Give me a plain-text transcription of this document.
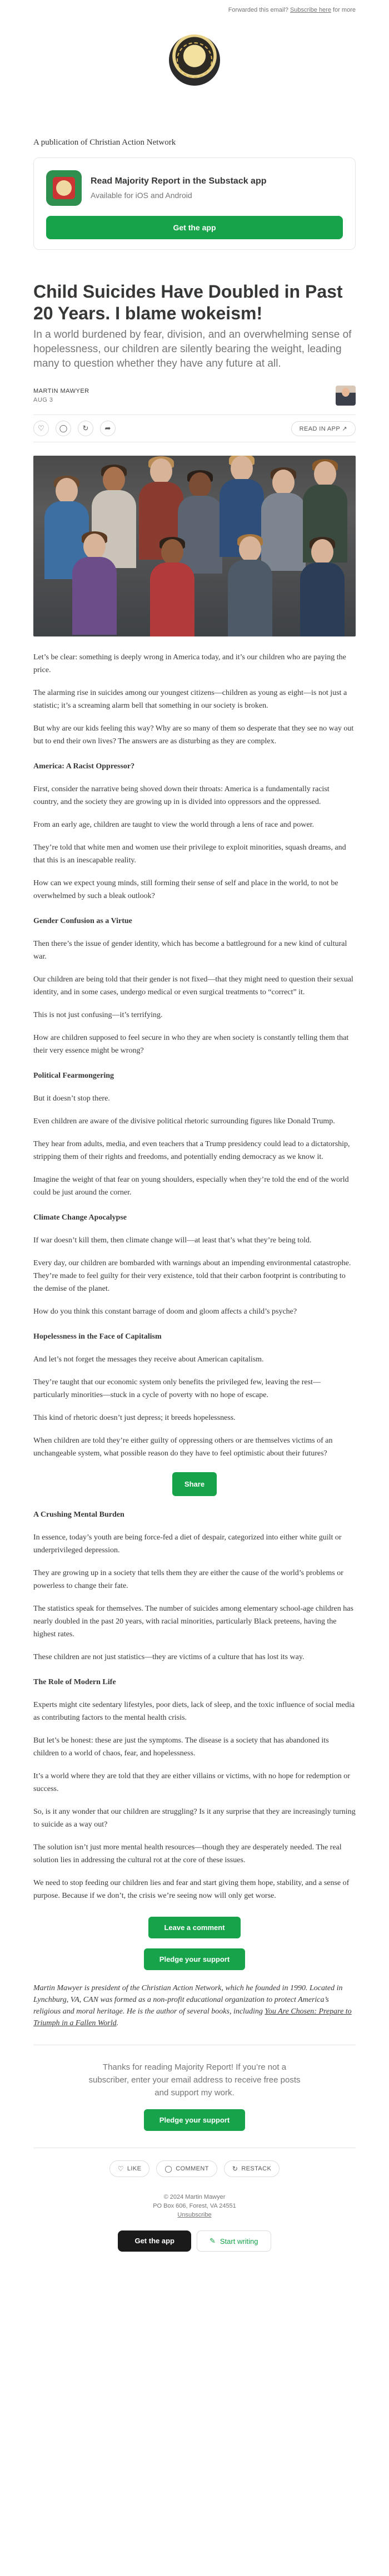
Forwarded this email? Subscribe here for more
A publication of Christian Action Network
Read Majority Report in the Substack app
Available for iOS and Android
Get the app
Child Suicides Have Doubled in Past 20 Years. I blame wokeism!
In a world burdened by fear, division, and an overwhelming sense of hopelessness, our children are silently bearing the weight, leading many to question whether they have any future at all.
MARTIN MAWYER
AUG 3
♡	◯	↻	➦	READ IN APP ↗

Let’s be clear: something is deeply wrong in America today, and it’s our children who are paying the price.

The alarming rise in suicides among our youngest citizens—children as young as eight—is not just a statistic; it’s a screaming alarm bell that something in our society is broken.

But why are our kids feeling this way? Why are so many of them so desperate that they see no way out but to end their own lives? The answers are as disturbing as they are complex.

America: A Racist Oppressor?

First, consider the narrative being shoved down their throats: America is a fundamentally racist country, and the society they are growing up in is divided into oppressors and the oppressed.

From an early age, children are taught to view the world through a lens of race and power.

They’re told that white men and women use their privilege to exploit minorities, squash dreams, and that this is an inescapable reality.

How can we expect young minds, still forming their sense of self and place in the world, to not be overwhelmed by such a bleak outlook?

Gender Confusion as a Virtue

Then there’s the issue of gender identity, which has become a battleground for a new kind of cultural war.

Our children are being told that their gender is not fixed—that they might need to question their sexual identity, and in some cases, undergo medical or even surgical treatments to “correct” it.

This is not just confusing—it’s terrifying.

How are children supposed to feel secure in who they are when society is constantly telling them that their very essence might be wrong?

Political Fearmongering

But it doesn’t stop there.

Even children are aware of the divisive political rhetoric surrounding figures like Donald Trump.

They hear from adults, media, and even teachers that a Trump presidency could lead to a dictatorship, stripping them of their rights and freedoms, and potentially ending democracy as we know it.

Imagine the weight of that fear on young shoulders, especially when they’re told the end of the world could be just around the corner.

Climate Change Apocalypse

If war doesn’t kill them, then climate change will—at least that’s what they’re being told.

Every day, our children are bombarded with warnings about an impending environmental catastrophe. They’re made to feel guilty for their very existence, told that their carbon footprint is contributing to the demise of the planet.

How do you think this constant barrage of doom and gloom affects a child’s psyche?

Hopelessness in the Face of Capitalism

And let’s not forget the messages they receive about American capitalism.

They’re taught that our economic system only benefits the privileged few, leaving the rest—particularly minorities—stuck in a cycle of poverty with no hope of escape.

This kind of rhetoric doesn’t just depress; it breeds hopelessness.

When children are told they’re either guilty of oppressing others or are themselves victims of an unchangeable system, what possible reason do they have to feel optimistic about their futures?

Share
A Crushing Mental Burden

In essence, today’s youth are being force-fed a diet of despair, categorized into either white guilt or underprivileged depression.

They are growing up in a society that tells them they are either the cause of the world’s problems or powerless to change their fate.

The statistics speak for themselves. The number of suicides among elementary school-age children has nearly doubled in the past 20 years, with racial minorities, particularly Black preteens, having the highest rates.

These children are not just statistics—they are victims of a culture that has lost its way.

The Role of Modern Life

Experts might cite sedentary lifestyles, poor diets, lack of sleep, and the toxic influence of social media as contributing factors to the mental health crisis.

But let’s be honest: these are just the symptoms. The disease is a society that has abandoned its children to a world of chaos, fear, and hopelessness.

It’s a world where they are told that they are either villains or victims, with no hope for redemption or success.

So, is it any wonder that our children are struggling? Is it any surprise that they are increasingly turning to suicide as a way out?

The solution isn’t just more mental health resources—though they are desperately needed. The real solution lies in addressing the cultural rot at the core of these issues.

We need to stop feeding our children lies and fear and start giving them hope, stability, and a sense of purpose. Because if we don’t, the crisis we’re seeing now will only get worse.

Leave a comment
Pledge your support
Martin Mawyer is president of the Christian Action Network, which he founded in 1990. Located in Lynchburg, VA, CAN was formed as a non-profit educational organization to protect America’s religious and moral heritage. He is the author of several books, including You Are Chosen: Prepare to Triumph in a Fallen World.
Thanks for reading Majority Report! If you’re not a subscriber, enter your email address to receive free posts and support my work.
Pledge your support
♡ LIKE	◯ COMMENT	↻ RESTACK
© 2024 Martin Mawyer
PO Box 606, Forest, VA 24551
Unsubscribe
Get the app	✎ Start writing
